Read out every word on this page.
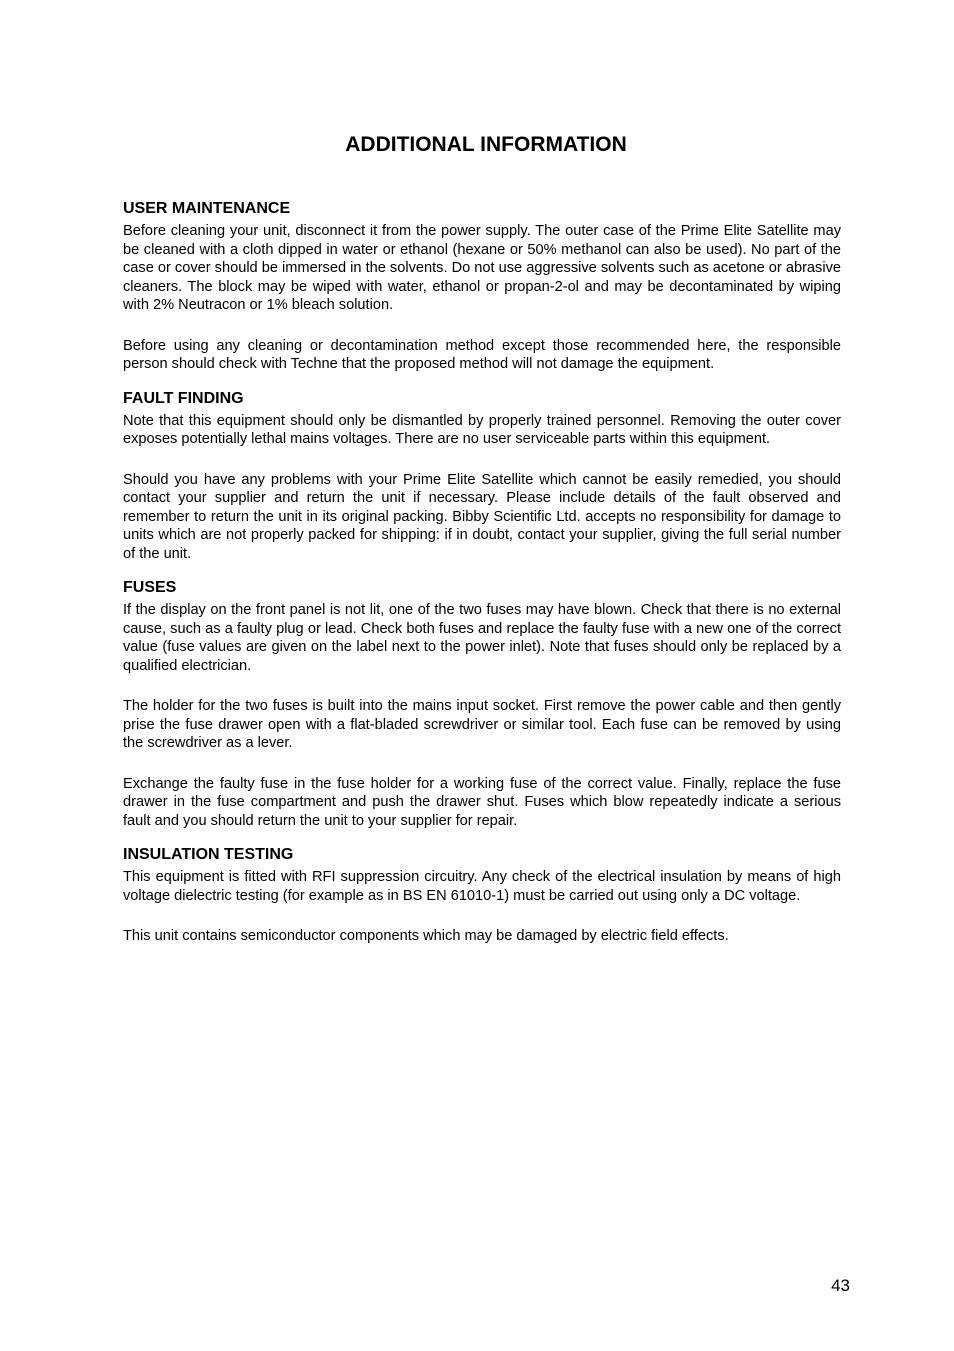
ADDITIONAL INFORMATION
USER MAINTENANCE

Before cleaning your unit, disconnect it from the power supply. The outer case of the Prime Elite Satellite may be cleaned with a cloth dipped in water or ethanol (hexane or 50% methanol can also be used). No part of the case or cover should be immersed in the solvents. Do not use aggressive solvents such as acetone or abrasive cleaners. The block may be wiped with water, ethanol or propan-2-ol and may be decontaminated by wiping with 2% Neutracon or 1% bleach solution.

Before using any cleaning or decontamination method except those recommended here, the responsible person should check with Techne that the proposed method will not damage the equipment.

FAULT FINDING

Note that this equipment should only be dismantled by properly trained personnel. Removing the outer cover exposes potentially lethal mains voltages. There are no user serviceable parts within this equipment.

Should you have any problems with your Prime Elite Satellite which cannot be easily remedied, you should contact your supplier and return the unit if necessary. Please include details of the fault observed and remember to return the unit in its original packing. Bibby Scientific Ltd. accepts no responsibility for damage to units which are not properly packed for shipping: if in doubt, contact your supplier, giving the full serial number of the unit.

FUSES

If the display on the front panel is not lit, one of the two fuses may have blown. Check that there is no external cause, such as a faulty plug or lead. Check both fuses and replace the faulty fuse with a new one of the correct value (fuse values are given on the label next to the power inlet). Note that fuses should only be replaced by a qualified electrician.

The holder for the two fuses is built into the mains input socket. First remove the power cable and then gently prise the fuse drawer open with a flat-bladed screwdriver or similar tool. Each fuse can be removed by using the screwdriver as a lever.

Exchange the faulty fuse in the fuse holder for a working fuse of the correct value. Finally, replace the fuse drawer in the fuse compartment and push the drawer shut. Fuses which blow repeatedly indicate a serious fault and you should return the unit to your supplier for repair.

INSULATION TESTING

This equipment is fitted with RFI suppression circuitry. Any check of the electrical insulation by means of high voltage dielectric testing (for example as in BS EN 61010-1) must be carried out using only a DC voltage.

This unit contains semiconductor components which may be damaged by electric field effects.

43
